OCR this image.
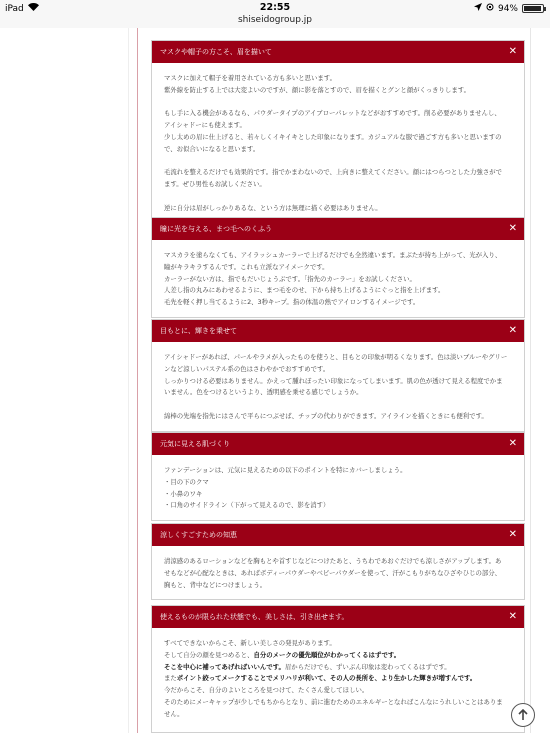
iPad	22:55
shiseidogroup.jp
94%
マスクや帽子の方こそ、眉を描いて	✕

マスクに加えて帽子を着用されている方も多いと思います。
紫外線を防止する上では大変よいのですが、顔に影を落とすので、眉を描くとグンと顔がくっきりします。

もし手に入る機会があるなら、パウダータイプのアイブローパレットなどがおすすめです。削る必要がありませんし、
アイシャドーにも使えます。
少し太めの眉に仕上げると、若々しくイキイキとした印象になります。カジュアルな服で過ごす方も多いと思いますの
で、お似合いになると思います。

毛流れを整えるだけでも効果的です。指でかまわないので、上向きに整えてください。顔にはつらつとした力強さがで
ます。ぜひ男性もお試しください。

逆に自分は眉がしっかりあるな、という方は無理に描く必要はありません。

瞳に光を与える、まつ毛へのくふう	✕

マスカラを塗らなくても、アイラッシュカーラーで上げるだけでも全然違います。まぶたが持ち上がって、光が入り、
瞳がキラキラするんです。これも立派なアイメークです。
カーラーがない方は、指でもだいじょうぶです。「指先のカーラー」をお試しください。
人差し指の丸みにあわせるように、まつ毛をのせ、下から持ち上げるようにぐっと指を上げます。
毛先を軽く押し当てるように2、3秒キープ。指の体温の熱でアイロンするイメージです。

目もとに、輝きを乗せて	✕

アイシャドーがあれば、パールやラメが入ったものを使うと、目もとの印象が明るくなります。色は淡いブルーやグリー
ンなど涼しいパステル系の色はさわやかでおすすめです。
しっかりつける必要はありません。かえって腫れぼったい印象になってしまいます。肌の色が透けて見える程度でかま
いません。色をつけるというより、透明感を乗せる感じでしょうか。

綿棒の先端を指先にはさんで平らにつぶせば、チップの代わりができます。アイラインを描くときにも便利です。

元気に見える肌づくり	✕

ファンデーションは、元気に見えるための以下のポイントを特にカバーしましょう。
・目の下のクマ
・小鼻のワキ
・口角のサイドライン（下がって見えるので、影を消す）

涼しくすごすための知恵	✕

清涼感のあるローションなどを胸もとや首すじなどにつけたあと、うちわであおぐだけでも涼しさがアップします。あ
せもなどが心配なときは、あればボディーパウダーやベビーパウダーを使って、汗がこもりがちなひざやひじの部分、
胸もと、背中などにつけましょう。

使えるものが限られた状態でも、美しさは、引き出せます。	✕

すべてできないからこそ、新しい美しさの発見があります。
そして自分の顔を見つめると、自分のメークの優先順位がわかってくるはずです。
そこを中心に補ってあげればいいんです。眉からだけでも、ずいぶん印象は変わってくるはずです。
またポイント絞ってメークすることでメリハリが利いて、その人の長所を、より生かした輝きが増すんです。
今だからこそ、自分のよいところを見つけて、たくさん愛してほしい。
そのためにメーキャップが少しでもちからとなり、前に進むためのエネルギーとなればこんなにうれしいことはありま
せん。
